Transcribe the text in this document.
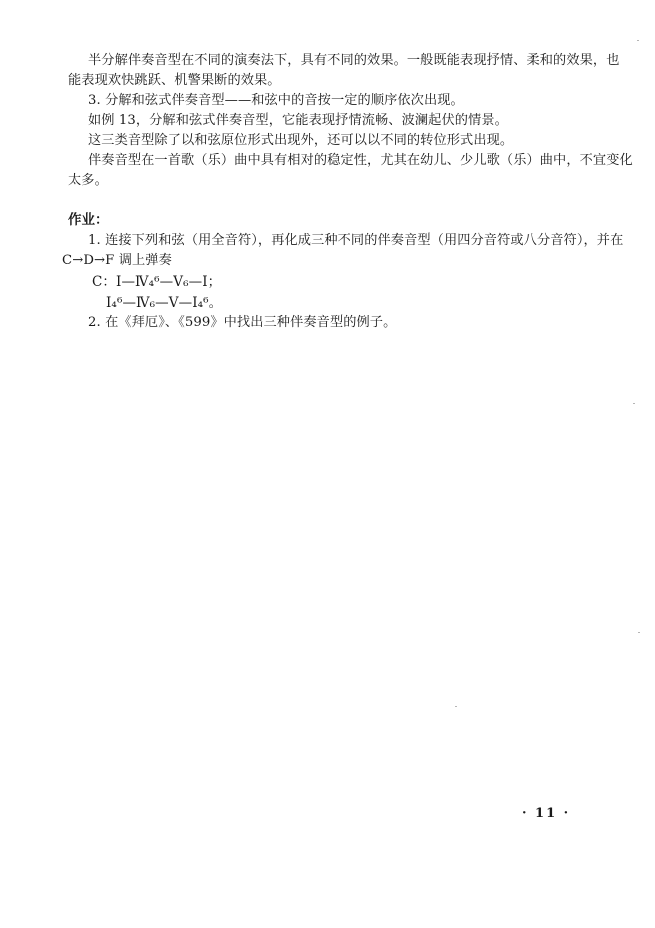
半分解伴奏音型在不同的演奏法下，具有不同的效果。一般既能表现抒情、柔和的效果，也
能表现欢快跳跃、机警果断的效果。
3. 分解和弦式伴奏音型——和弦中的音按一定的顺序依次出现。
如例 13，分解和弦式伴奏音型，它能表现抒情流畅、波澜起伏的情景。
这三类音型除了以和弦原位形式出现外，还可以以不同的转位形式出现。
伴奏音型在一首歌（乐）曲中具有相对的稳定性，尤其在幼儿、少儿歌（乐）曲中，不宜变化
太多。
作业：
1. 连接下列和弦（用全音符），再化成三种不同的伴奏音型（用四分音符或八分音符），并在
C→D→F 调上弹奏
C：Ⅰ—Ⅳ₄⁶—Ⅴ₆—Ⅰ；
Ⅰ₄⁶—Ⅳ₆—Ⅴ—Ⅰ₄⁶。
2. 在《拜厄》、《599》中找出三种伴奏音型的例子。
· 11 ·
